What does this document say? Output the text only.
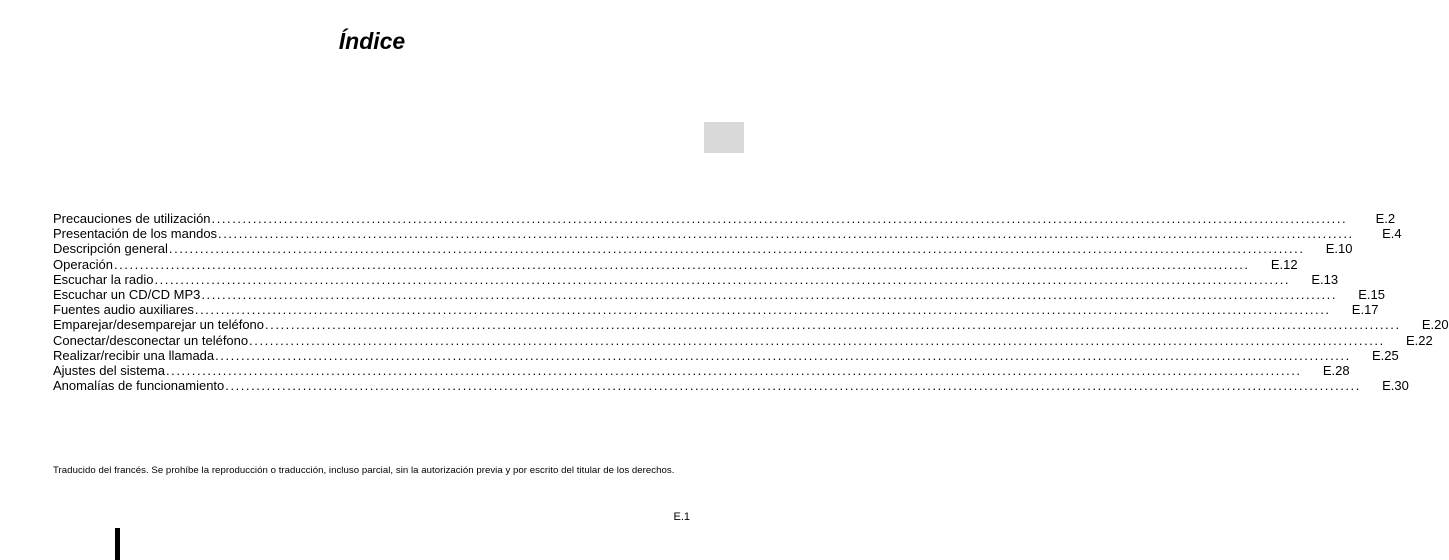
Índice
Precauciones de utilización ............................................................................................................................................................................................................................	E.2
Presentación de los mandos ............................................................................................................................................................................................................................	E.4
Descripción general ............................................................................................................................................................................................................................	E.10
Operación ............................................................................................................................................................................................................................	E.12
Escuchar la radio ............................................................................................................................................................................................................................	E.13
Escuchar un CD/CD MP3 ............................................................................................................................................................................................................................	E.15
Fuentes audio auxiliares ............................................................................................................................................................................................................................	E.17
Emparejar/desemparejar un teléfono ............................................................................................................................................................................................................................	E.20
Conectar/desconectar un teléfono ............................................................................................................................................................................................................................	E.22
Realizar/recibir una llamada ............................................................................................................................................................................................................................	E.25
Ajustes del sistema ............................................................................................................................................................................................................................	E.28
Anomalías de funcionamiento ............................................................................................................................................................................................................................	E.30
Traducido del francés. Se prohíbe la reproducción o traducción, incluso parcial, sin la autorización previa y por escrito del titular de los derechos.
E.1
